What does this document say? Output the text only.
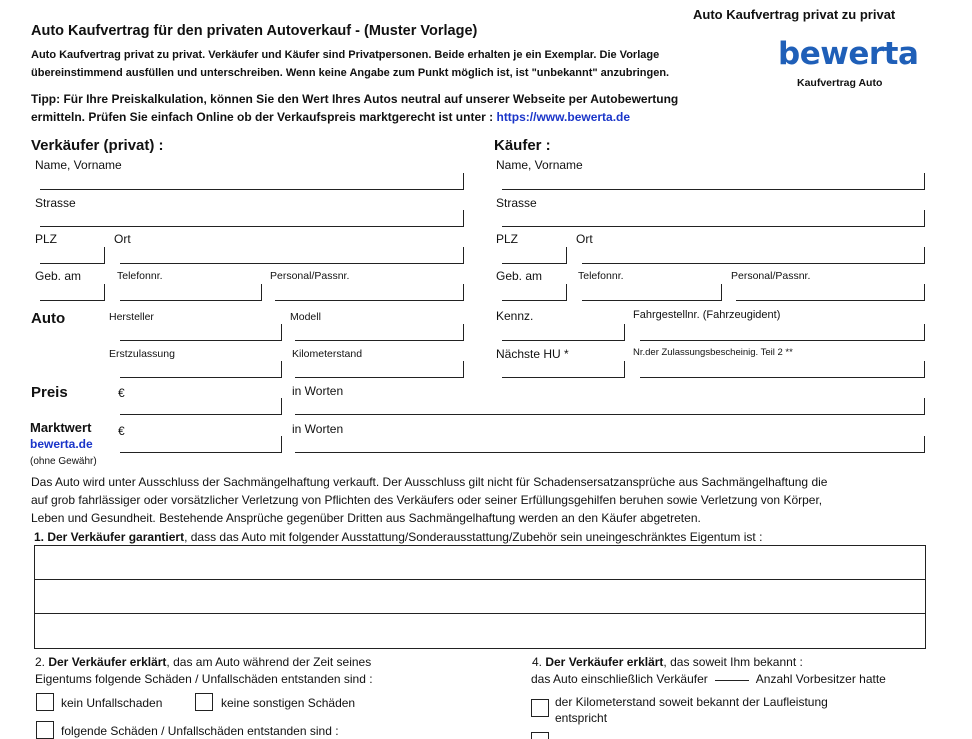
Auto Kaufvertrag privat zu privat
Auto Kaufvertrag für den privaten Autoverkauf - (Muster Vorlage)
Auto Kaufvertrag privat zu privat. Verkäufer und Käufer sind Privatpersonen. Beide erhalten je ein Exemplar. Die Vorlage
übereinstimmend ausfüllen und unterschreiben. Wenn keine Angabe zum Punkt möglich ist, ist "unbekannt" anzubringen.
Tipp: Für Ihre Preiskalkulation, können Sie den Wert Ihres Autos neutral auf unserer Webseite per Autobewertung
ermitteln. Prüfen Sie einfach Online ob der Verkaufspreis marktgerecht ist unter : https://www.bewerta.de
bewerta
Kaufvertrag Auto
Verkäufer (privat) :
Name, Vorname
Strasse
PLZ	Ort
Geb. am	Telefonnr.	Personal/Passnr.
Käufer :
Name, Vorname
Strasse
PLZ	Ort
Geb. am	Telefonnr.	Personal/Passnr.
Auto	Hersteller	Modell
Erstzulassung	Kilometerstand
Kennz.	Fahrgestellnr. (Fahrzeugident)
Nächste HU *	Nr.der Zulassungsbescheinig. Teil 2 **
Preis	€	in Worten
Marktwert
bewerta.de
(ohne Gewähr)
€	in Worten
Das Auto wird unter Ausschluss der Sachmängelhaftung verkauft. Der Ausschluss gilt nicht für Schadensersatzansprüche aus Sachmängelhaftung die
auf grob fahrlässiger oder vorsätzlicher Verletzung von Pflichten des Verkäufers oder seiner Erfüllungsgehilfen beruhen sowie Verletzung von Körper,
Leben und Gesundheit. Bestehende Ansprüche gegenüber Dritten aus Sachmängelhaftung werden an den Käufer abgetreten.
1. Der Verkäufer garantiert, dass das Auto mit folgender Ausstattung/Sonderausstattung/Zubehör sein uneingeschränktes Eigentum ist :
2. Der Verkäufer erklärt, das am Auto während der Zeit seines
Eigentums folgende Schäden / Unfallschäden entstanden sind :
kein Unfallschaden	keine sonstigen Schäden
folgende Schäden / Unfallschäden entstanden sind :
4. Der Verkäufer erklärt, das soweit Ihm bekannt :
das Auto einschließlich Verkäufer	Anzahl Vorbesitzer hatte
der Kilometerstand soweit bekannt der Laufleistung
entspricht
